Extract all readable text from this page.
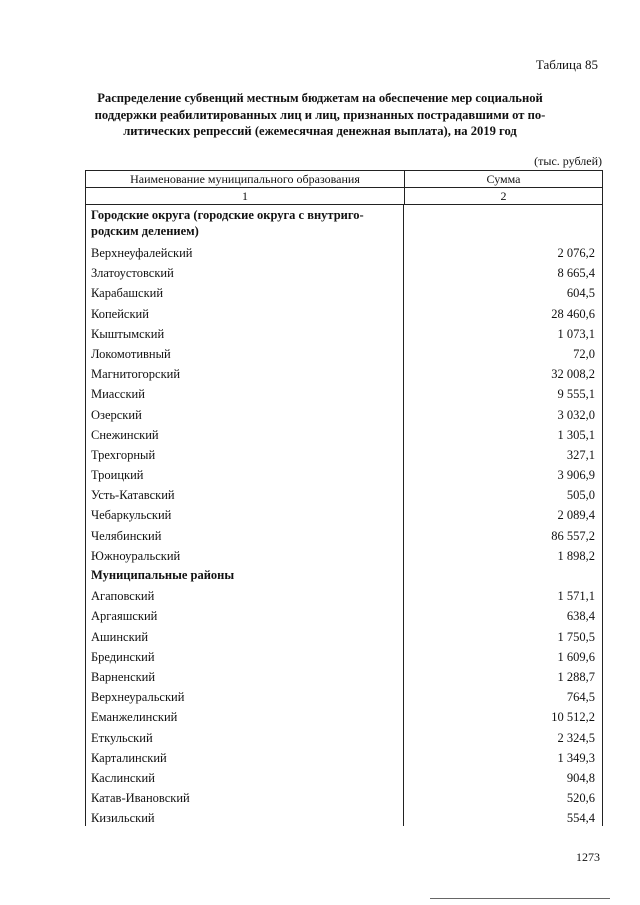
Таблица 85
Распределение субвенций местным бюджетам на обеспечение мер социальной
поддержки реабилитированных лиц и лиц, признанных пострадавшими от по-
литических репрессий (ежемесячная денежная выплата), на 2019 год
(тыс. рублей)
Наименование муниципального образования	Сумма
1	2
Городские округа (городские округа с внутриго-
родским делением)
Верхнеуфалейский	2 076,2
Златоустовский	8 665,4
Карабашский	604,5
Копейский	28 460,6
Кыштымский	1 073,1
Локомотивный	72,0
Магнитогорский	32 008,2
Миасский	9 555,1
Озерский	3 032,0
Снежинский	1 305,1
Трехгорный	327,1
Троицкий	3 906,9
Усть-Катавский	505,0
Чебаркульский	2 089,4
Челябинский	86 557,2
Южноуральский	1 898,2
Муниципальные районы
Агаповский	1 571,1
Аргаяшский	638,4
Ашинский	1 750,5
Брединский	1 609,6
Варненский	1 288,7
Верхнеуральский	764,5
Еманжелинский	10 512,2
Еткульский	2 324,5
Карталинский	1 349,3
Каслинский	904,8
Катав-Ивановский	520,6
Кизильский	554,4
1273
